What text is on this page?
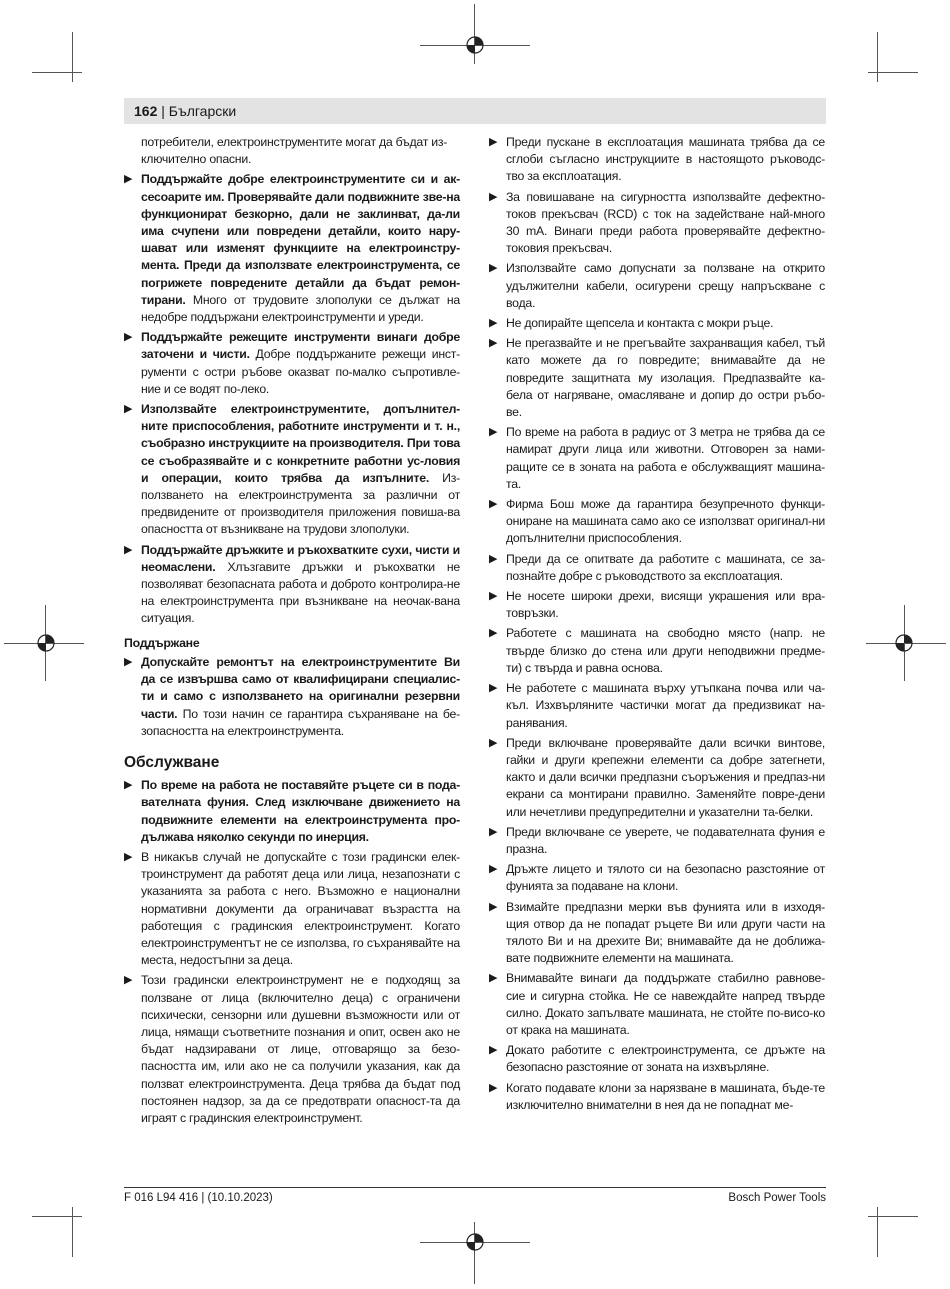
162 | Български
потребители, електроинструментите могат да бъдат из-ключително опасни.
▶ Поддържайте добре електроинструментите си и ак-сесоарите им. Проверявайте дали подвижните зве-на функционират безкорно, дали не заклинват, да-ли има счупени или повредени детайли, които нару-шават или изменят функциите на електроинстру-мента. Преди да използвате електроинструмента, се погрижете повредените детайли да бъдат ремон-тирани. Много от трудовите злополуки се дължат на недобре поддържани електроинструменти и уреди.
▶ Поддържайте режещите инструменти винаги добре заточени и чисти. Добре поддържаните режещи инст-рументи с остри ръбове оказват по-малко съпротивле-ние и се водят по-леко.
▶ Използвайте електроинструментите, допълнител-ните приспособления, работните инструменти и т. н., съобразно инструкциите на производителя. При това се съобразявайте и с конкретните работни ус-ловия и операции, които трябва да изпълните. Из-ползването на електроинструмента за различни от предвидените от производителя приложения повиша-ва опасността от възникване на трудови злополуки.
▶ Поддържайте дръжките и ръкохватките сухи, чисти и неомаслени. Хлъзгавите дръжки и ръкохватки не позволяват безопасната работа и доброто контролира-не на електроинструмента при възникване на неочак-вана ситуация.
Поддържане
▶ Допускайте ремонтът на електроинструментите Ви да се извършва само от квалифицирани специалис-ти и само с използването на оригинални резервни части. По този начин се гарантира съхраняване на бе-зопасността на електроинструмента.
Обслужване
▶ По време на работа не поставяйте ръцете си в пода-вателната фуния. След изключване движението на подвижните елементи на електроинструмента про-дължава няколко секунди по инерция.
▶ В никакъв случай не допускайте с този градински елек-троинструмент да работят деца или лица, незапознати с указанията за работа с него. Възможно е национални нормативни документи да ограничават възрастта на работещия с градинския електроинструмент. Когато електроинструментът не се използва, го съхранявайте на места, недостъпни за деца.
▶ Този градински електроинструмент не е подходящ за ползване от лица (включително деца) с ограничени психически, сензорни или душевни възможности или от лица, нямащи съответните познания и опит, освен ако не бъдат надзиравани от лице, отговарящо за безо-пасността им, или ако не са получили указания, как да ползват електроинструмента. Деца трябва да бъдат под постоянен надзор, за да се предотврати опасност-та да играят с градинския електроинструмент.
▶ Преди пускане в експлоатация машината трябва да се сглоби съгласно инструкциите в настоящото ръководс-тво за експлоатация.
▶ За повишаване на сигурността използвайте дефектно-токов прекъсвач (RCD) с ток на задействане най-много 30 mA. Винаги преди работа проверявайте дефектно-токовия прекъсвач.
▶ Използвайте само допуснати за ползване на открито удължителни кабели, осигурени срещу напръскване с вода.
▶ Не допирайте щепсела и контакта с мокри ръце.
▶ Не прегазвайте и не прегъвайте захранващия кабел, тъй като можете да го повредите; внимавайте да не повредите защитната му изолация. Предпазвайте ка-бела от нагряване, омасляване и допир до остри ръбо-ве.
▶ По време на работа в радиус от 3 метра не трябва да се намират други лица или животни. Отговорен за нами-ращите се в зоната на работа е обслужващият машина-та.
▶ Фирма Бош може да гарантира безупречното функци-ониране на машината само ако се използват оригинал-ни допълнителни приспособления.
▶ Преди да се опитвате да работите с машината, се за-познайте добре с ръководството за експлоатация.
▶ Не носете широки дрехи, висящи украшения или вра-товръзки.
▶ Работете с машината на свободно място (напр. не твърде близко до стена или други неподвижни предме-ти) с твърда и равна основа.
▶ Не работете с машината върху утъпкана почва или ча-къл. Изхвърляните частички могат да предизвикат на-ранявания.
▶ Преди включване проверявайте дали всички винтове, гайки и други крепежни елементи са добре затегнети, както и дали всички предпазни съоръжения и предпаз-ни екрани са монтирани правилно. Заменяйте повре-дени или нечетливи предупредителни и указателни та-белки.
▶ Преди включване се уверете, че подавателната фуния е празна.
▶ Дръжте лицето и тялото си на безопасно разстояние от фунията за подаване на клони.
▶ Взимайте предпазни мерки във фунията или в изходя-щия отвор да не попадат ръцете Ви или други части на тялото Ви и на дрехите Ви; внимавайте да не доближа-вате подвижните елементи на машината.
▶ Внимавайте винаги да поддържате стабилно равнове-сие и сигурна стойка. Не се навеждайте напред твърде силно. Докато запълвате машината, не стойте по-висо-ко от крака на машината.
▶ Докато работите с електроинструмента, се дръжте на безопасно разстояние от зоната на изхвърляне.
▶ Когато подавате клони за нарязване в машината, бъде-те изключително внимателни в нея да не попаднат ме-
F 016 L94 416 | (10.10.2023)	Bosch Power Tools
